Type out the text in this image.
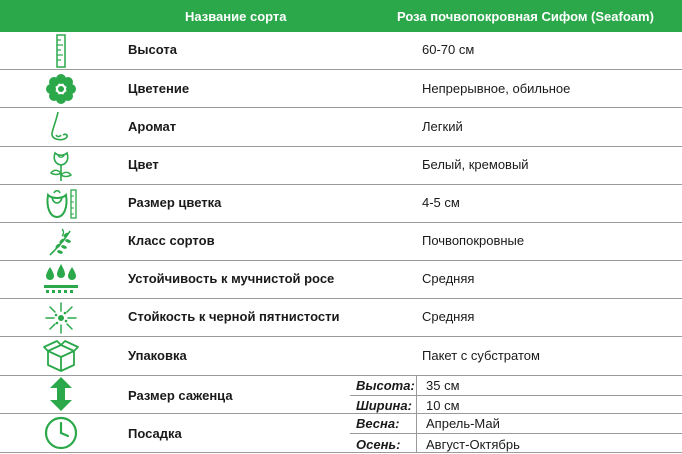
Название сорта	Роза почвопокровная Сифом (Seafoam)
Высота	60-70 см
Цветение	Непрерывное, обильное
Аромат	Легкий
Цвет	Белый, кремовый
Размер цветка	4-5 см
Класс сортов	Почвопокровные
Устойчивость к мучнистой росе	Средняя
Стойкость к черной пятнистости	Средняя
Упаковка	Пакет с субстратом
Размер саженца
Высота: 35 см
Ширина: 10 см
Посадка
Весна: Апрель-Май
Осень: Август-Октябрь
